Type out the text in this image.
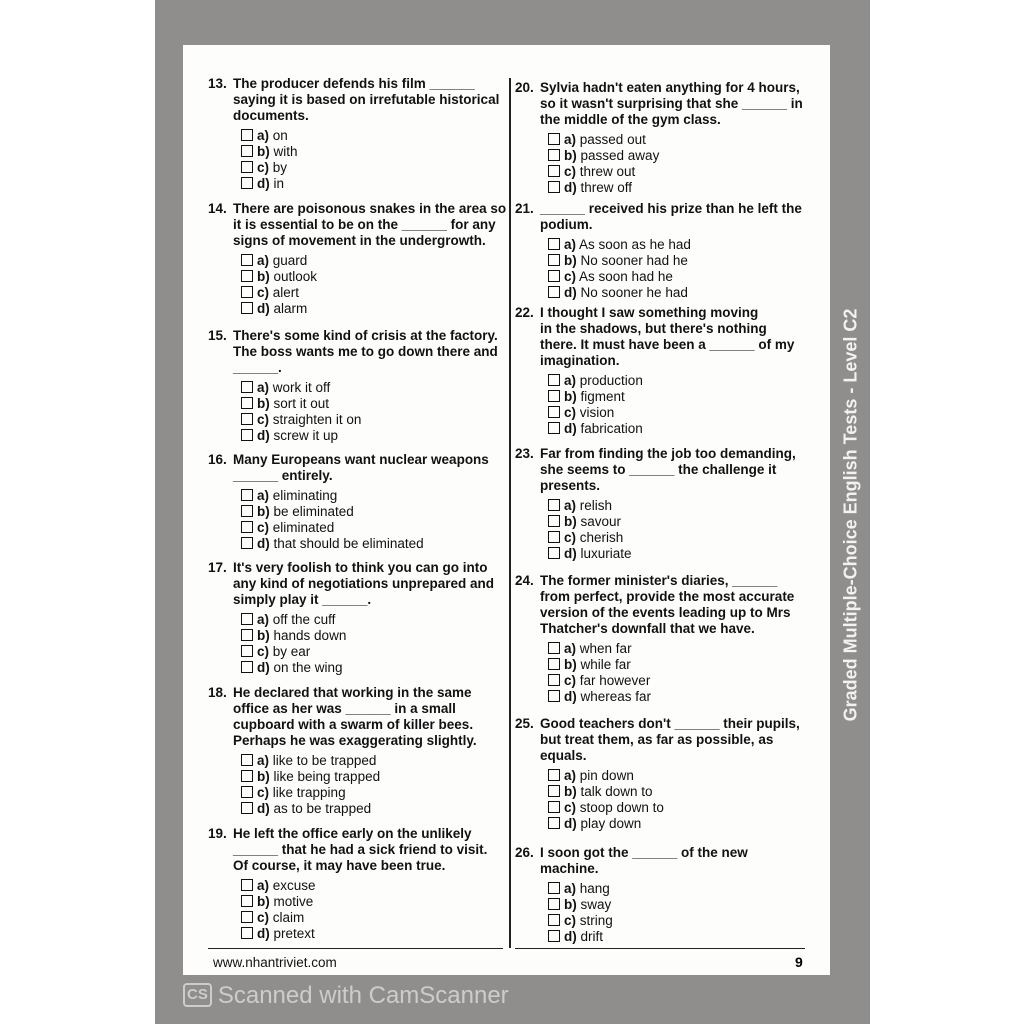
Graded Multiple-Choice English Tests - Level C2
13. The producer defends his film ______
saying it is based on irrefutable historical
documents.
a) on
b) with
c) by
d) in
14. There are poisonous snakes in the area so
it is essential to be on the ______ for any
signs of movement in the undergrowth.
a) guard
b) outlook
c) alert
d) alarm
15. There's some kind of crisis at the factory.
The boss wants me to go down there and
______.
a) work it off
b) sort it out
c) straighten it on
d) screw it up
16. Many Europeans want nuclear weapons
______ entirely.
a) eliminating
b) be eliminated
c) eliminated
d) that should be eliminated
17. It's very foolish to think you can go into
any kind of negotiations unprepared and
simply play it ______.
a) off the cuff
b) hands down
c) by ear
d) on the wing
18. He declared that working in the same
office as her was ______ in a small
cupboard with a swarm of killer bees.
Perhaps he was exaggerating slightly.
a) like to be trapped
b) like being trapped
c) like trapping
d) as to be trapped
19. He left the office early on the unlikely
______ that he had a sick friend to visit.
Of course, it may have been true.
a) excuse
b) motive
c) claim
d) pretext
20. Sylvia hadn't eaten anything for 4 hours,
so it wasn't surprising that she ______ in
the middle of the gym class.
a) passed out
b) passed away
c) threw out
d) threw off
21. ______ received his prize than he left the
podium.
a) As soon as he had
b) No sooner had he
c) As soon had he
d) No sooner he had
22. I thought I saw something moving
in the shadows, but there's nothing
there. It must have been a ______ of my
imagination.
a) production
b) figment
c) vision
d) fabrication
23. Far from finding the job too demanding,
she seems to ______ the challenge it
presents.
a) relish
b) savour
c) cherish
d) luxuriate
24. The former minister's diaries, ______
from perfect, provide the most accurate
version of the events leading up to Mrs
Thatcher's downfall that we have.
a) when far
b) while far
c) far however
d) whereas far
25. Good teachers don't ______ their pupils,
but treat them, as far as possible, as
equals.
a) pin down
b) talk down to
c) stoop down to
d) play down
26. I soon got the ______ of the new
machine.
a) hang
b) sway
c) string
d) drift
www.nhantriviet.com	9
CS Scanned with CamScanner
